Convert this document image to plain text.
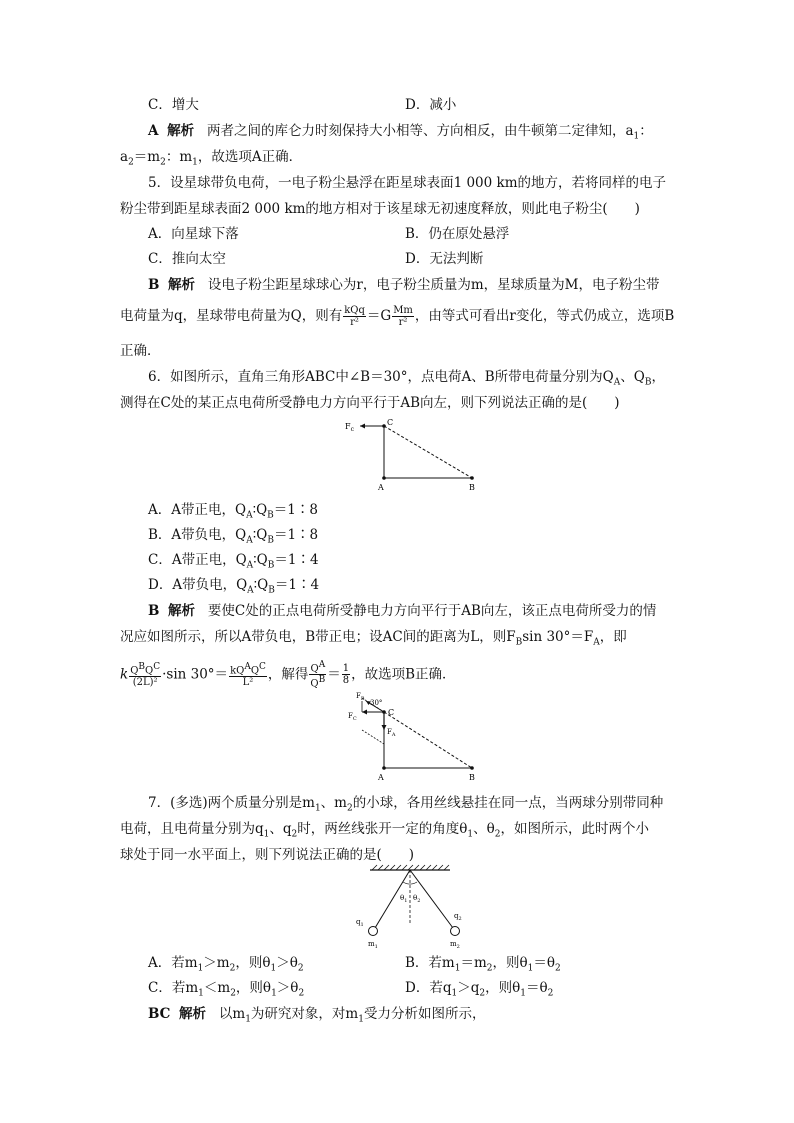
C．增大	D．减小
A 解析 两者之间的库仑力时刻保持大小相等、方向相反，由牛顿第二定律知，$a_1$：
$a_2=m_2$：$m_1$，故选项A正确．
5．设星球带负电荷，一电子粉尘悬浮在距星球表面1 000 km的地方，若将同样的电子
粉尘带到距星球表面2 000 km的地方相对于该星球无初速度释放，则此电子粉尘(　　)
A．向星球下落	B．仍在原处悬浮
C．推向太空	D．无法判断
B 解析 设电子粉尘距星球球心为r，电子粉尘质量为m，星球质量为M，电子粉尘带
电荷量为q，星球带电荷量为Q，则有 $\frac{\text{kQq}}{\text{r²}} =G \frac{Mm}{\text{r²}}$ ，由等式可看出r变化，等式仍成立，选项B
正确．
6．如图所示，直角三角形ABC中∠B＝30°，点电荷A、B所带电荷量分别为$Q_A$、$Q_B$，
测得在C处的某正点电荷所受静电力方向平行于AB向左，则下列说法正确的是(　　)
$F_c$
C
A	B
A．A带正电，$Q_A∶Q_B=1∶8$
B．A带负电，$Q_A∶Q_B=1∶8$
C．A带正电，$Q_A∶Q_B=1∶4$
D．A带负电，$Q_A∶Q_B=1∶4$
B 解析 要使C处的正点电荷所受静电力方向平行于AB向左，该正点电荷所受力的情
况应如图所示，所以A带负电，B带正电；设AC间的距离为L，则$F_B\sin$ $30^\circ=F_A$，即
k $\frac{Q^BQ^C}{\text{(2L)²}} \cdot\sin$ $30^\circ= \frac{kQ^AQ^C}{\text{L²}}$ ，解得 $\frac{Q^A}{Q^B} = \frac{1}{8}$ ，故选项B正确．
$F_B$ 30°
$F_C$
C
$F_A$
A	B
7．(多选)两个质量分别是$m_1$、$m_2$的小球，各用丝线悬挂在同一点，当两球分别带同种
电荷，且电荷量分别为$q_1$、$q_2$时，两丝线张开一定的角度$\theta_1$、$\theta_2$，如图所示，此时两个小
球处于同一水平面上，则下列说法正确的是(　　)
$\theta_1$ $\theta_2$
$q_1$
$q_2$
$m_1$	$m_2$
A．若$m_1>m_2$，则$\theta_1>\theta_2$	B．若$m_1=m_2$，则$\theta_1=\theta_2$
C．若$m_1<m_2$，则$\theta_1>\theta_2$	D．若$q_1>q_2$，则$\theta_1=\theta_2$
BC 解析 以$m_1$为研究对象，对$m_1$受力分析如图所示，
